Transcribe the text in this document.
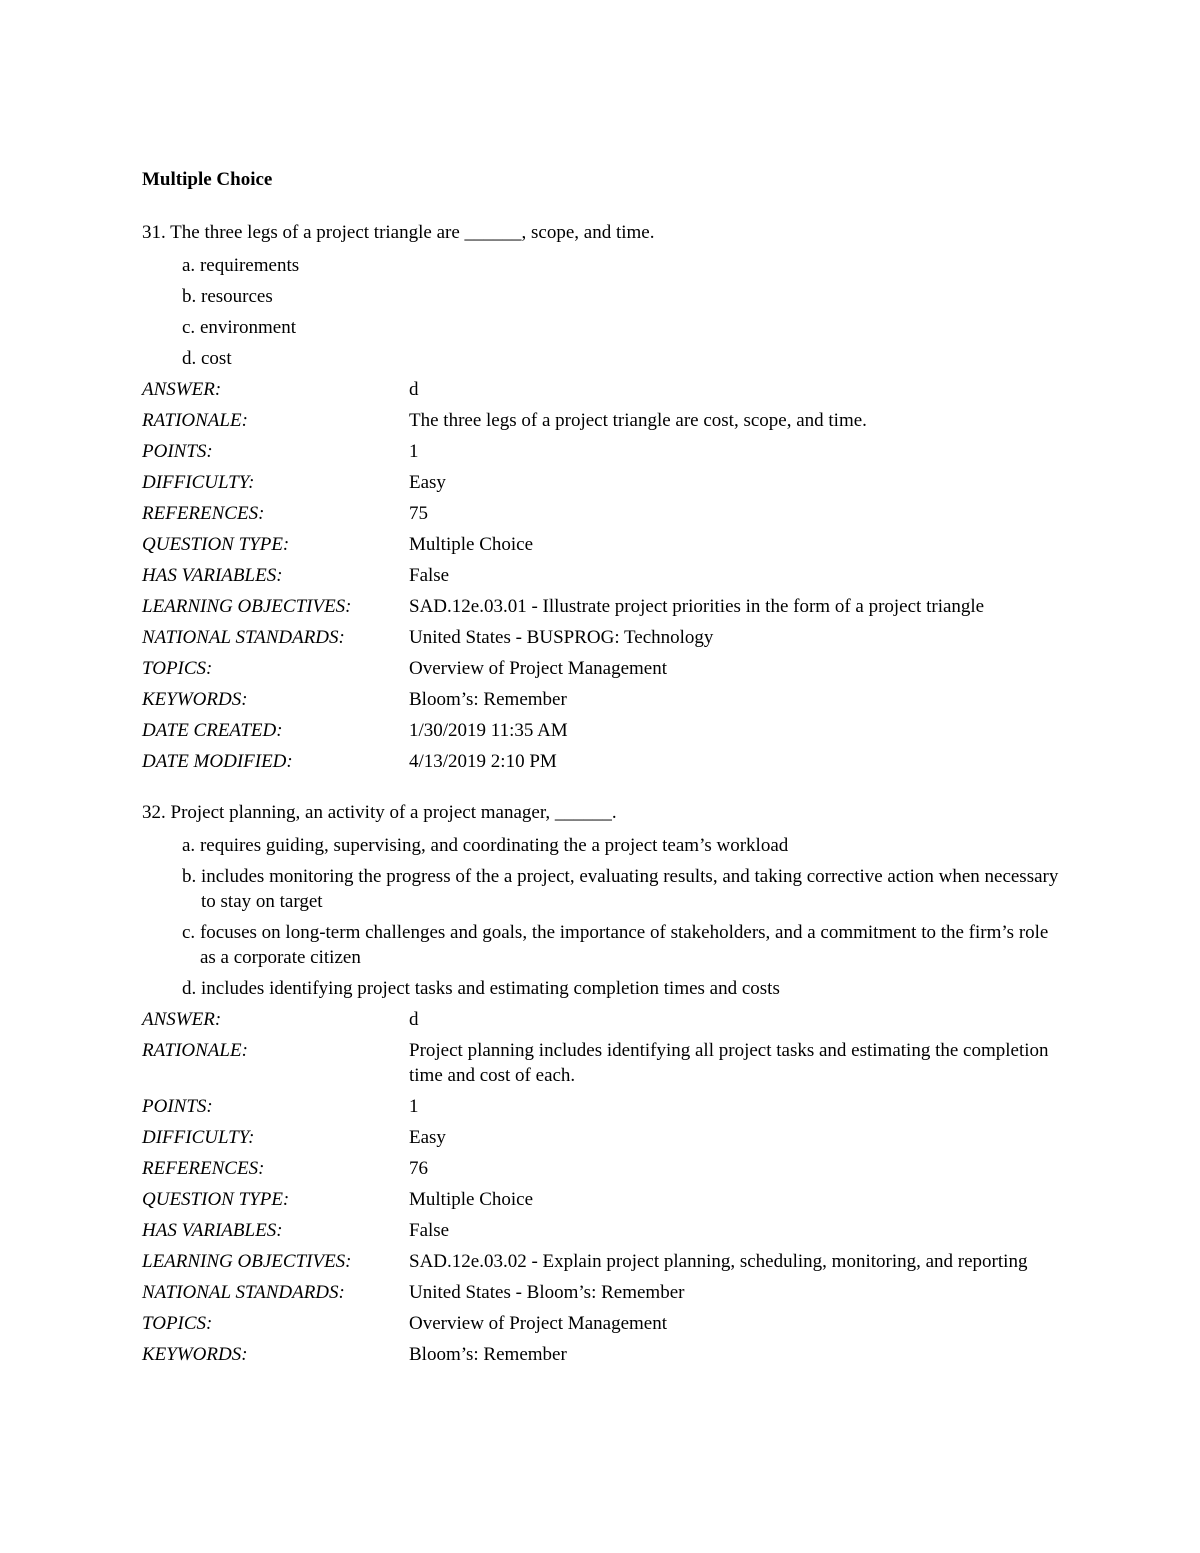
Multiple Choice

31. The three legs of a project triangle are ______, scope, and time.

a. requirements
b. resources
c. environment
d. cost
ANSWER:	d
RATIONALE:	The three legs of a project triangle are cost, scope, and time.
POINTS:	1
DIFFICULTY:	Easy
REFERENCES:	75
QUESTION TYPE:	Multiple Choice
HAS VARIABLES:	False
LEARNING OBJECTIVES:	SAD.12e.03.01 - Illustrate project priorities in the form of a project triangle
NATIONAL STANDARDS:	United States - BUSPROG: Technology
TOPICS:	Overview of Project Management
KEYWORDS:	Bloom’s: Remember
DATE CREATED:	1/30/2019 11:35 AM
DATE MODIFIED:	4/13/2019 2:10 PM

32. Project planning, an activity of a project manager, ______.

a. requires guiding, supervising, and coordinating the a project team’s workload
b. includes monitoring the progress of the a project, evaluating results, and taking corrective action when necessary to stay on target
c. focuses on long-term challenges and goals, the importance of stakeholders, and a commitment to the firm’s role as a corporate citizen
d. includes identifying project tasks and estimating completion times and costs
ANSWER:	d
RATIONALE:	Project planning includes identifying all project tasks and estimating the completion time and cost of each.
POINTS:	1
DIFFICULTY:	Easy
REFERENCES:	76
QUESTION TYPE:	Multiple Choice
HAS VARIABLES:	False
LEARNING OBJECTIVES:	SAD.12e.03.02 - Explain project planning, scheduling, monitoring, and reporting
NATIONAL STANDARDS:	United States - Bloom’s: Remember
TOPICS:	Overview of Project Management
KEYWORDS:	Bloom’s: Remember
